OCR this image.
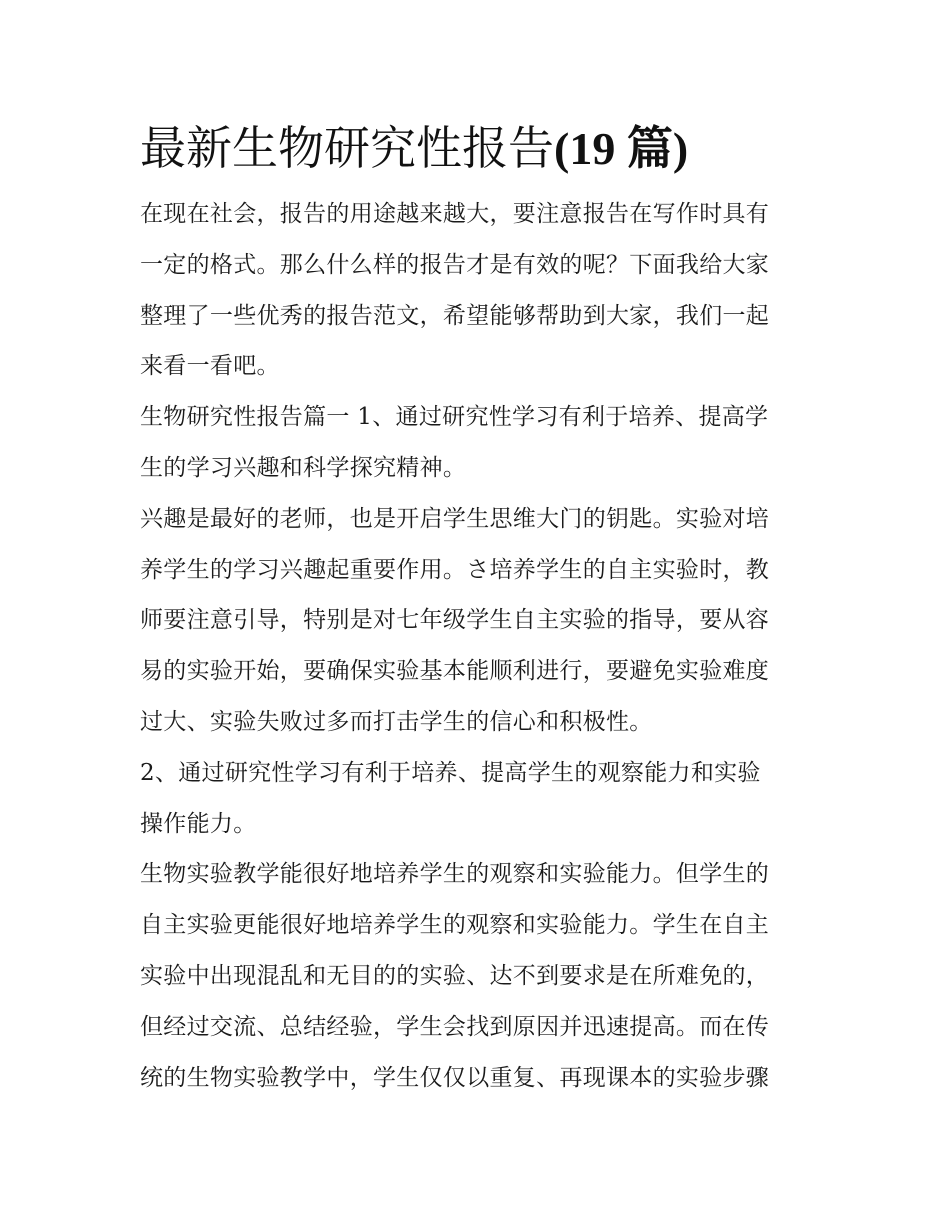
最新生物研究性报告(19 篇)

在现在社会，报告的用途越来越大，要注意报告在写作时具有
一定的格式。那么什么样的报告才是有效的呢？下面我给大家
整理了一些优秀的报告范文，希望能够帮助到大家，我们一起
来看一看吧。

生物研究性报告篇一 1、通过研究性学习有利于培养、提高学
生的学习兴趣和科学探究精神。

兴趣是最好的老师，也是开启学生思维大门的钥匙。实验对培
养学生的学习兴趣起重要作用。さ培养学生的自主实验时，教
师要注意引导，特别是对七年级学生自主实验的指导，要从容
易的实验开始，要确保实验基本能顺利进行，要避免实验难度
过大、实验失败过多而打击学生的信心和积极性。

2、通过研究性学习有利于培养、提高学生的观察能力和实验
操作能力。

生物实验教学能很好地培养学生的观察和实验能力。但学生的
自主实验更能很好地培养学生的观察和实验能力。学生在自主
实验中出现混乱和无目的的实验、达不到要求是在所难免的，
但经过交流、总结经验，学生会找到原因并迅速提高。而在传
统的生物实验教学中，学生仅仅以重复、再现课本的实验步骤
